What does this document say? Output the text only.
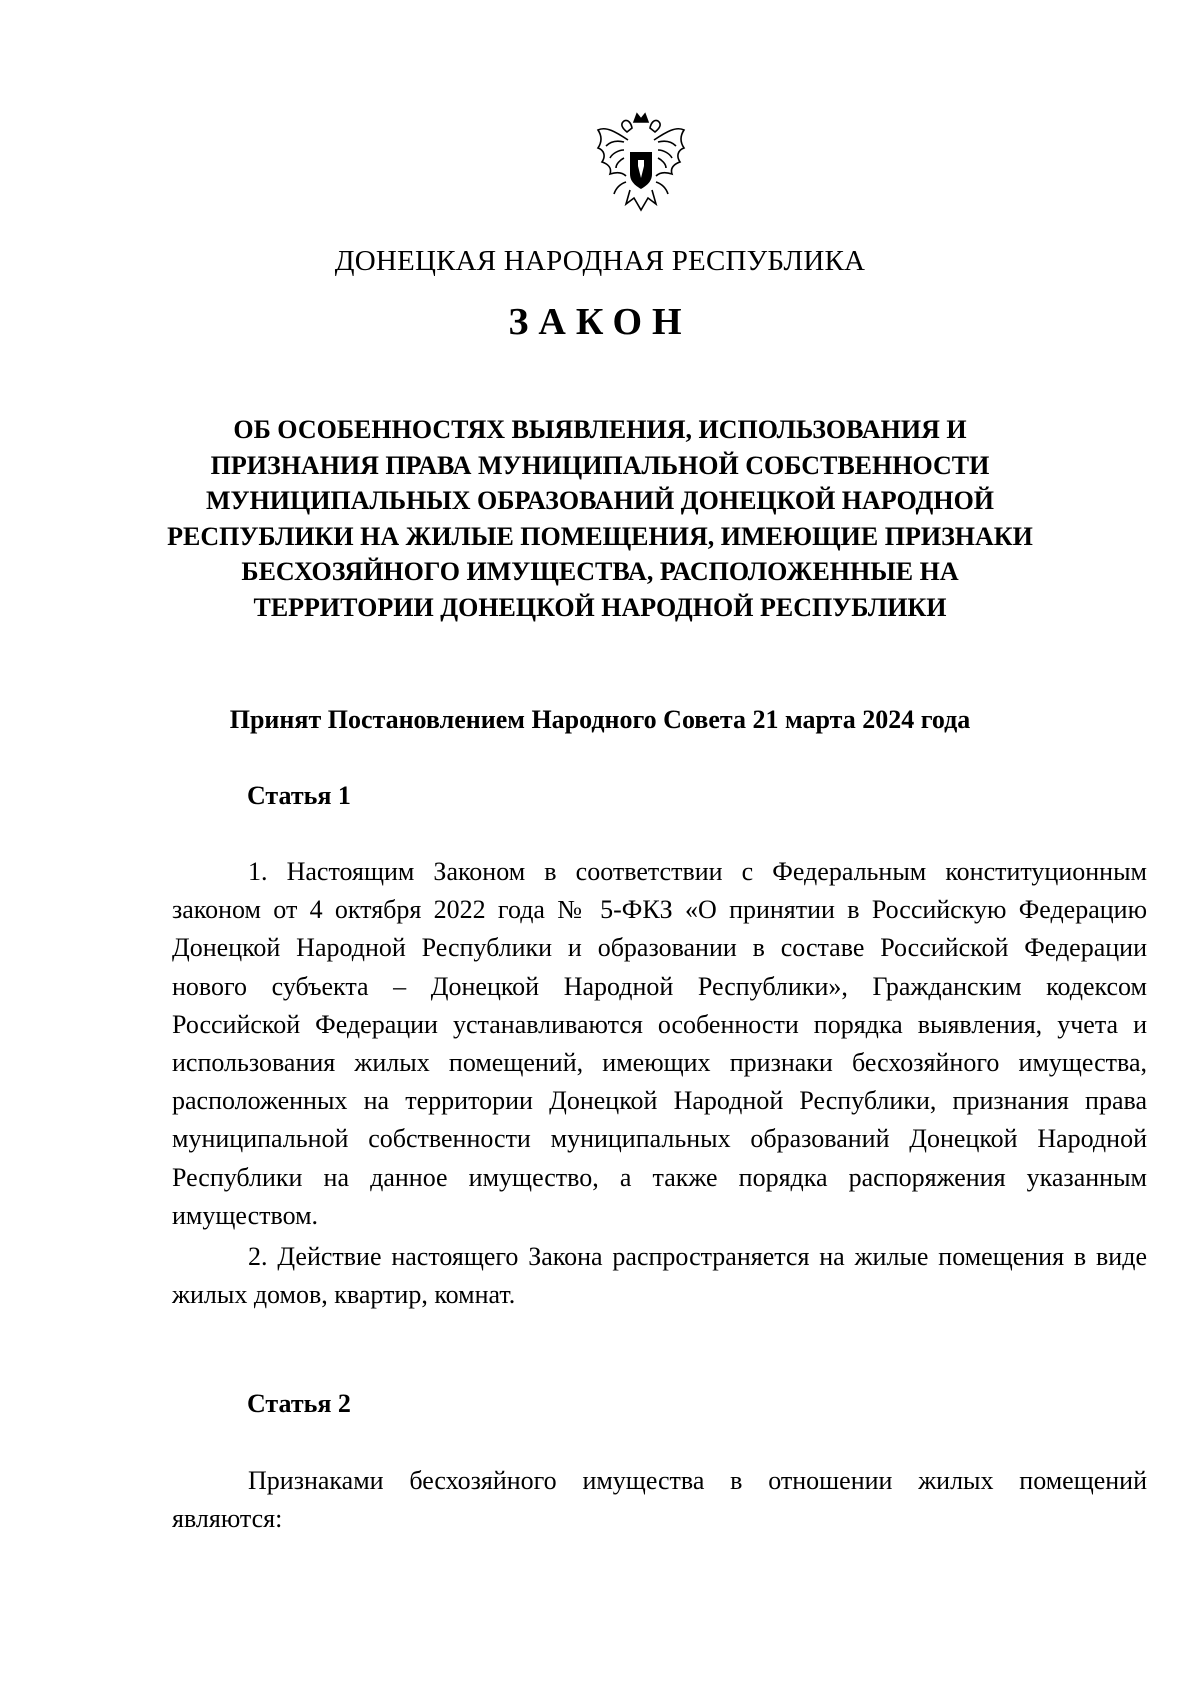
ДОНЕЦКАЯ НАРОДНАЯ РЕСПУБЛИКА
ЗАКОН

ОБ ОСОБЕННОСТЯХ ВЫЯВЛЕНИЯ, ИСПОЛЬЗОВАНИЯ И ПРИЗНАНИЯ ПРАВА МУНИЦИПАЛЬНОЙ СОБСТВЕННОСТИ МУНИЦИПАЛЬНЫХ ОБРАЗОВАНИЙ ДОНЕЦКОЙ НАРОДНОЙ РЕСПУБЛИКИ НА ЖИЛЫЕ ПОМЕЩЕНИЯ, ИМЕЮЩИЕ ПРИЗНАКИ БЕСХОЗЯЙНОГО ИМУЩЕСТВА, РАСПОЛОЖЕННЫЕ НА ТЕРРИТОРИИ ДОНЕЦКОЙ НАРОДНОЙ РЕСПУБЛИКИ

Принят Постановлением Народного Совета 21 марта 2024 года
Статья 1

1. Настоящим Законом в соответствии с Федеральным конституционным законом от 4 октября 2022 года № 5-ФКЗ «О принятии в Российскую Федерацию Донецкой Народной Республики и образовании в составе Российской Федерации нового субъекта – Донецкой Народной Республики», Гражданским кодексом Российской Федерации устанавливаются особенности порядка выявления, учета и использования жилых помещений, имеющих признаки бесхозяйного имущества, расположенных на территории Донецкой Народной Республики, признания права муниципальной собственности муниципальных образований Донецкой Народной Республики на данное имущество, а также порядка распоряжения указанным имуществом.

2. Действие настоящего Закона распространяется на жилые помещения в виде жилых домов, квартир, комнат.

Статья 2

Признаками бесхозяйного имущества в отношении жилых помещений являются:
